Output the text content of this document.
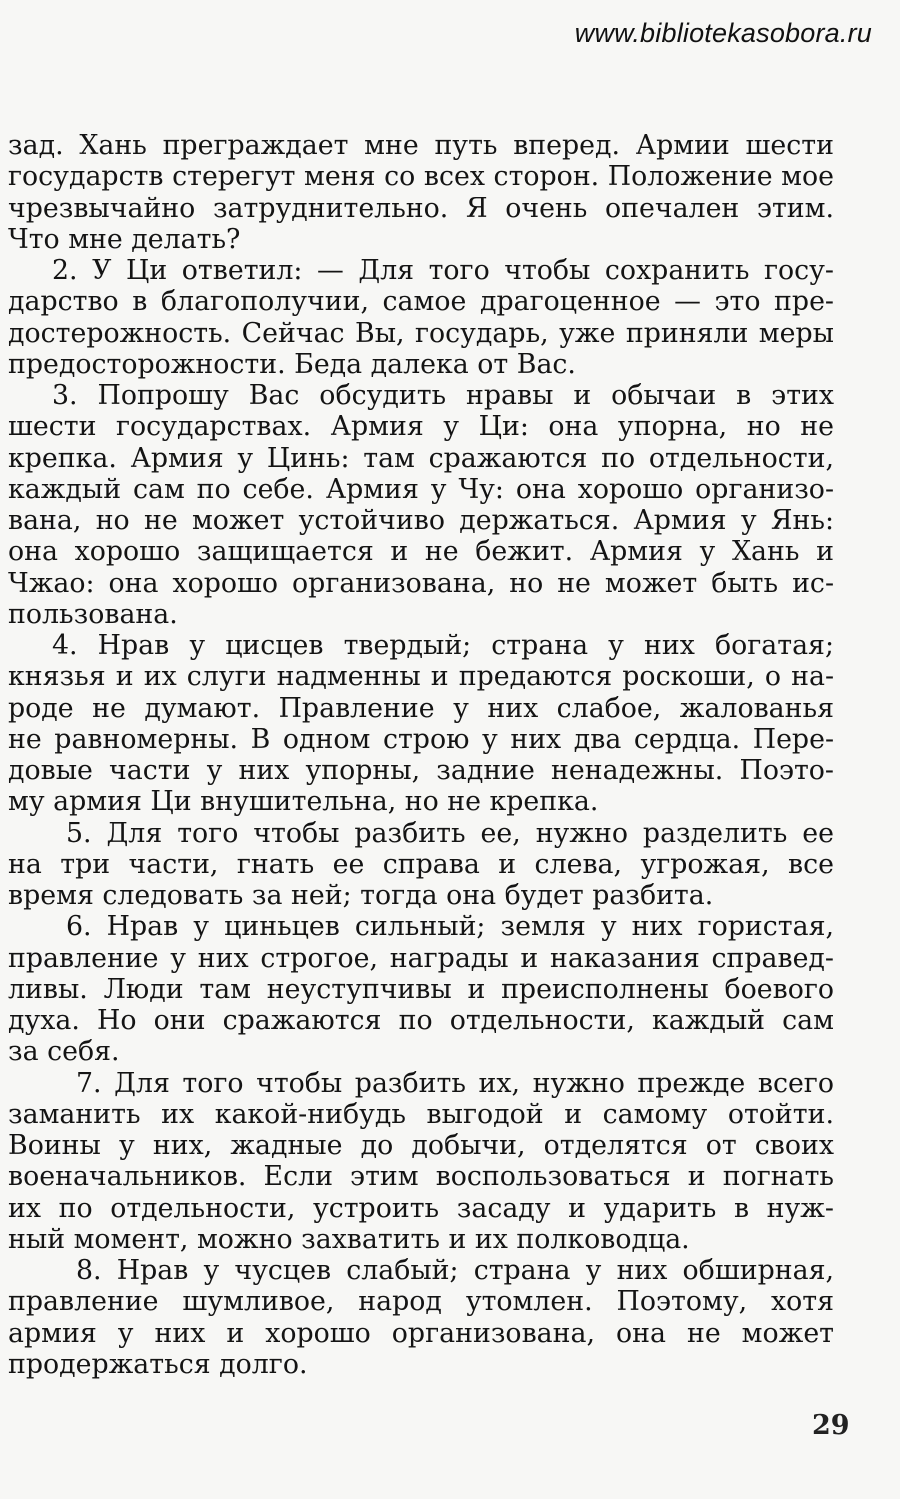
www.bibliotekasobora.ru
зад. Хань преграждает мне путь вперед. Армии шести
государств стерегут меня со всех сторон. Положение мое
чрезвычайно затруднительно. Я очень опечален этим.
Что мне делать?
2. У Ци ответил: — Для того чтобы сохранить госу-
дарство в благополучии, самое драгоценное — это пре-
достерожность. Сейчас Вы, государь, уже приняли меры
предосторожности. Беда далека от Вас.
3. Попрошу Вас обсудить нравы и обычаи в этих
шести государствах. Армия у Ци: она упорна, но не
крепка. Армия у Цинь: там сражаются по отдельности,
каждый сам по себе. Армия у Чу: она хорошо организо-
вана, но не может устойчиво держаться. Армия у Янь:
она хорошо защищается и не бежит. Армия у Хань и
Чжао: она хорошо организована, но не может быть ис-
пользована.
4. Нрав у цисцев твердый; страна у них богатая;
князья и их слуги надменны и предаются роскоши, о на-
роде не думают. Правление у них слабое, жалованья
не равномерны. В одном строю у них два сердца. Пере-
довые части у них упорны, задние ненадежны. Поэто-
му армия Ци внушительна, но не крепка.
5. Для того чтобы разбить ее, нужно разделить ее
на три части, гнать ее справа и слева, угрожая, все
время следовать за ней; тогда она будет разбита.
6. Нрав у циньцев сильный; земля у них гористая,
правление у них строгое, награды и наказания справед-
ливы. Люди там неуступчивы и преисполнены боевого
духа. Но они сражаются по отдельности, каждый сам
за себя.
7. Для того чтобы разбить их, нужно прежде всего
заманить их какой-нибудь выгодой и самому отойти.
Воины у них, жадные до добычи, отделятся от своих
военачальников. Если этим воспользоваться и погнать
их по отдельности, устроить засаду и ударить в нуж-
ный момент, можно захватить и их полководца.
8. Нрав у чусцев слабый; страна у них обширная,
правление шумливое, народ утомлен. Поэтому, хотя
армия у них и хорошо организована, она не может
продержаться долго.
29
